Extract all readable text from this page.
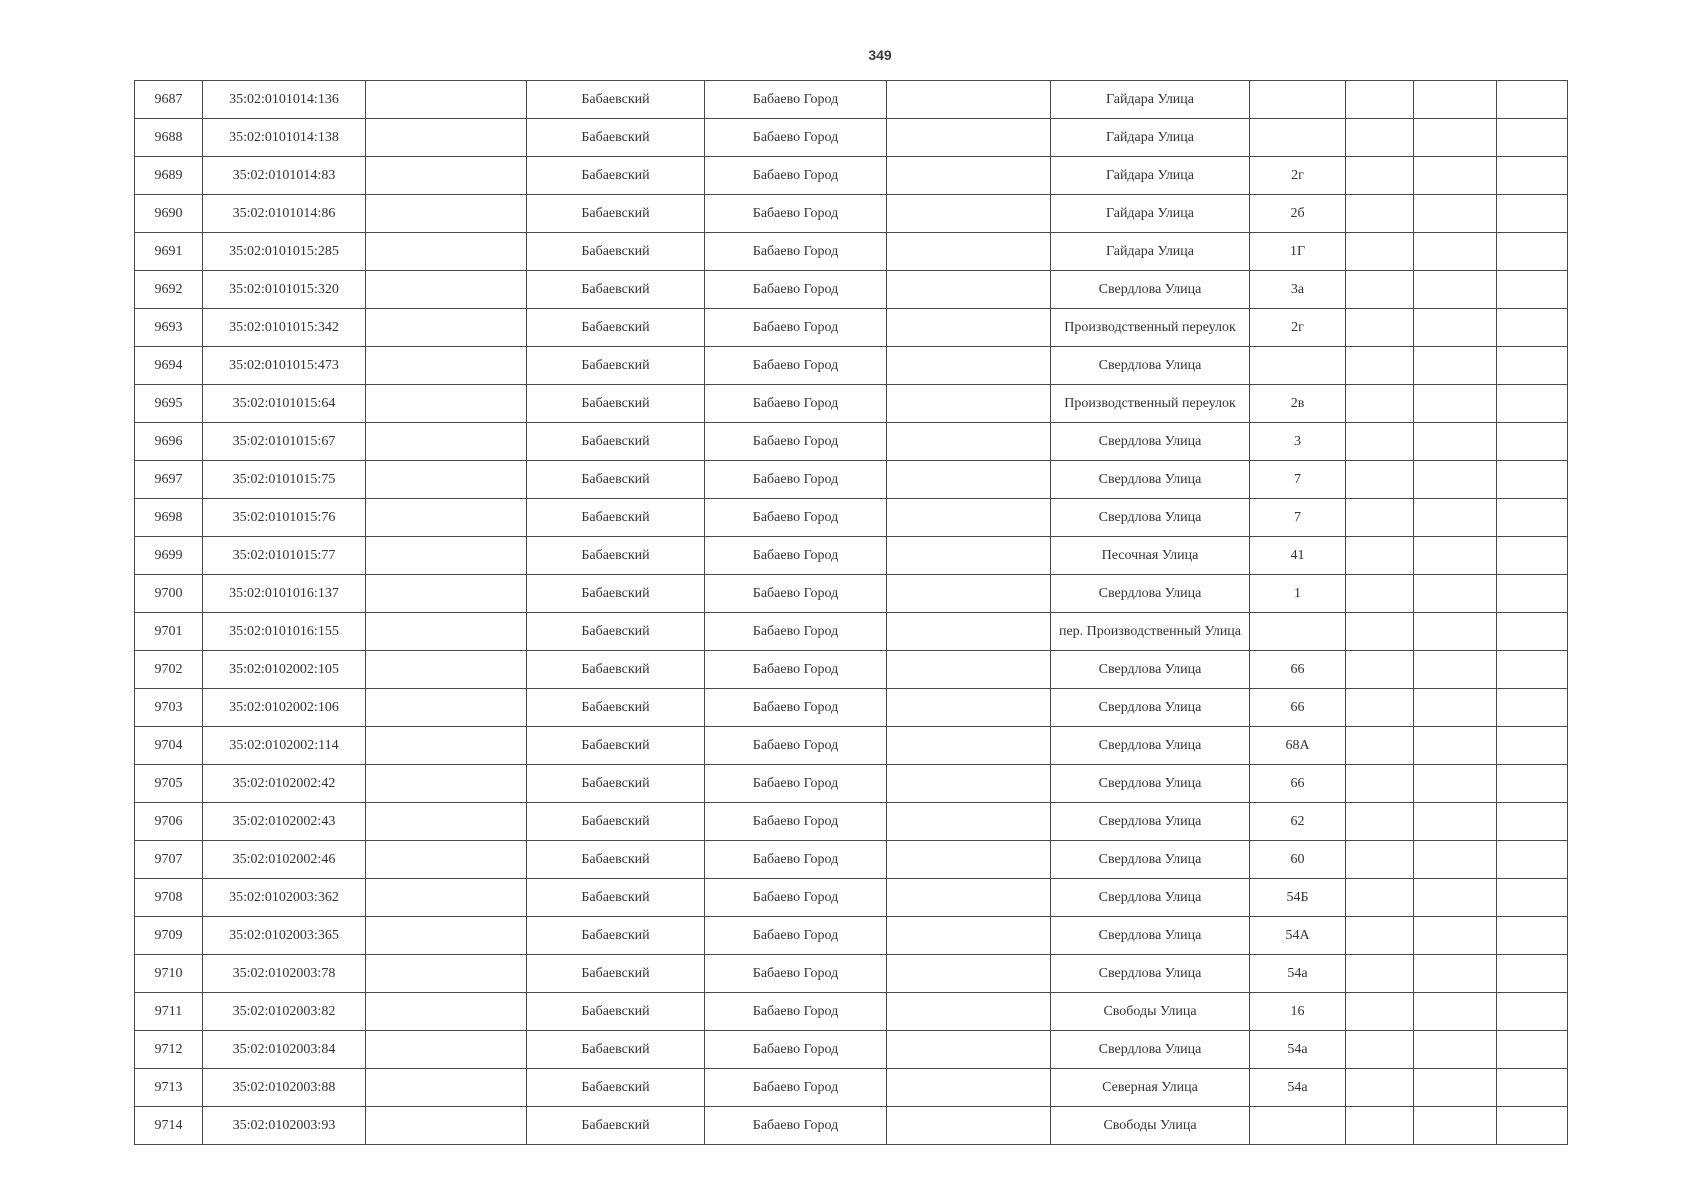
349
9687	35:02:0101014:136		Бабаевский	Бабаево Город		Гайдара Улица				
9688	35:02:0101014:138		Бабаевский	Бабаево Город		Гайдара Улица				
9689	35:02:0101014:83		Бабаевский	Бабаево Город		Гайдара Улица	2г			
9690	35:02:0101014:86		Бабаевский	Бабаево Город		Гайдара Улица	2б			
9691	35:02:0101015:285		Бабаевский	Бабаево Город		Гайдара Улица	1Г			
9692	35:02:0101015:320		Бабаевский	Бабаево Город		Свердлова Улица	3а			
9693	35:02:0101015:342		Бабаевский	Бабаево Город		Производственный переулок	2г			
9694	35:02:0101015:473		Бабаевский	Бабаево Город		Свердлова Улица				
9695	35:02:0101015:64		Бабаевский	Бабаево Город		Производственный переулок	2в			
9696	35:02:0101015:67		Бабаевский	Бабаево Город		Свердлова Улица	3			
9697	35:02:0101015:75		Бабаевский	Бабаево Город		Свердлова Улица	7			
9698	35:02:0101015:76		Бабаевский	Бабаево Город		Свердлова Улица	7			
9699	35:02:0101015:77		Бабаевский	Бабаево Город		Песочная Улица	41			
9700	35:02:0101016:137		Бабаевский	Бабаево Город		Свердлова Улица	1			
9701	35:02:0101016:155		Бабаевский	Бабаево Город		пер. Производственный Улица				
9702	35:02:0102002:105		Бабаевский	Бабаево Город		Свердлова Улица	66			
9703	35:02:0102002:106		Бабаевский	Бабаево Город		Свердлова Улица	66			
9704	35:02:0102002:114		Бабаевский	Бабаево Город		Свердлова Улица	68А			
9705	35:02:0102002:42		Бабаевский	Бабаево Город		Свердлова Улица	66			
9706	35:02:0102002:43		Бабаевский	Бабаево Город		Свердлова Улица	62			
9707	35:02:0102002:46		Бабаевский	Бабаево Город		Свердлова Улица	60			
9708	35:02:0102003:362		Бабаевский	Бабаево Город		Свердлова Улица	54Б			
9709	35:02:0102003:365		Бабаевский	Бабаево Город		Свердлова Улица	54А			
9710	35:02:0102003:78		Бабаевский	Бабаево Город		Свердлова Улица	54а			
9711	35:02:0102003:82		Бабаевский	Бабаево Город		Свободы Улица	16			
9712	35:02:0102003:84		Бабаевский	Бабаево Город		Свердлова Улица	54а			
9713	35:02:0102003:88		Бабаевский	Бабаево Город		Северная Улица	54а			
9714	35:02:0102003:93		Бабаевский	Бабаево Город		Свободы Улица				
